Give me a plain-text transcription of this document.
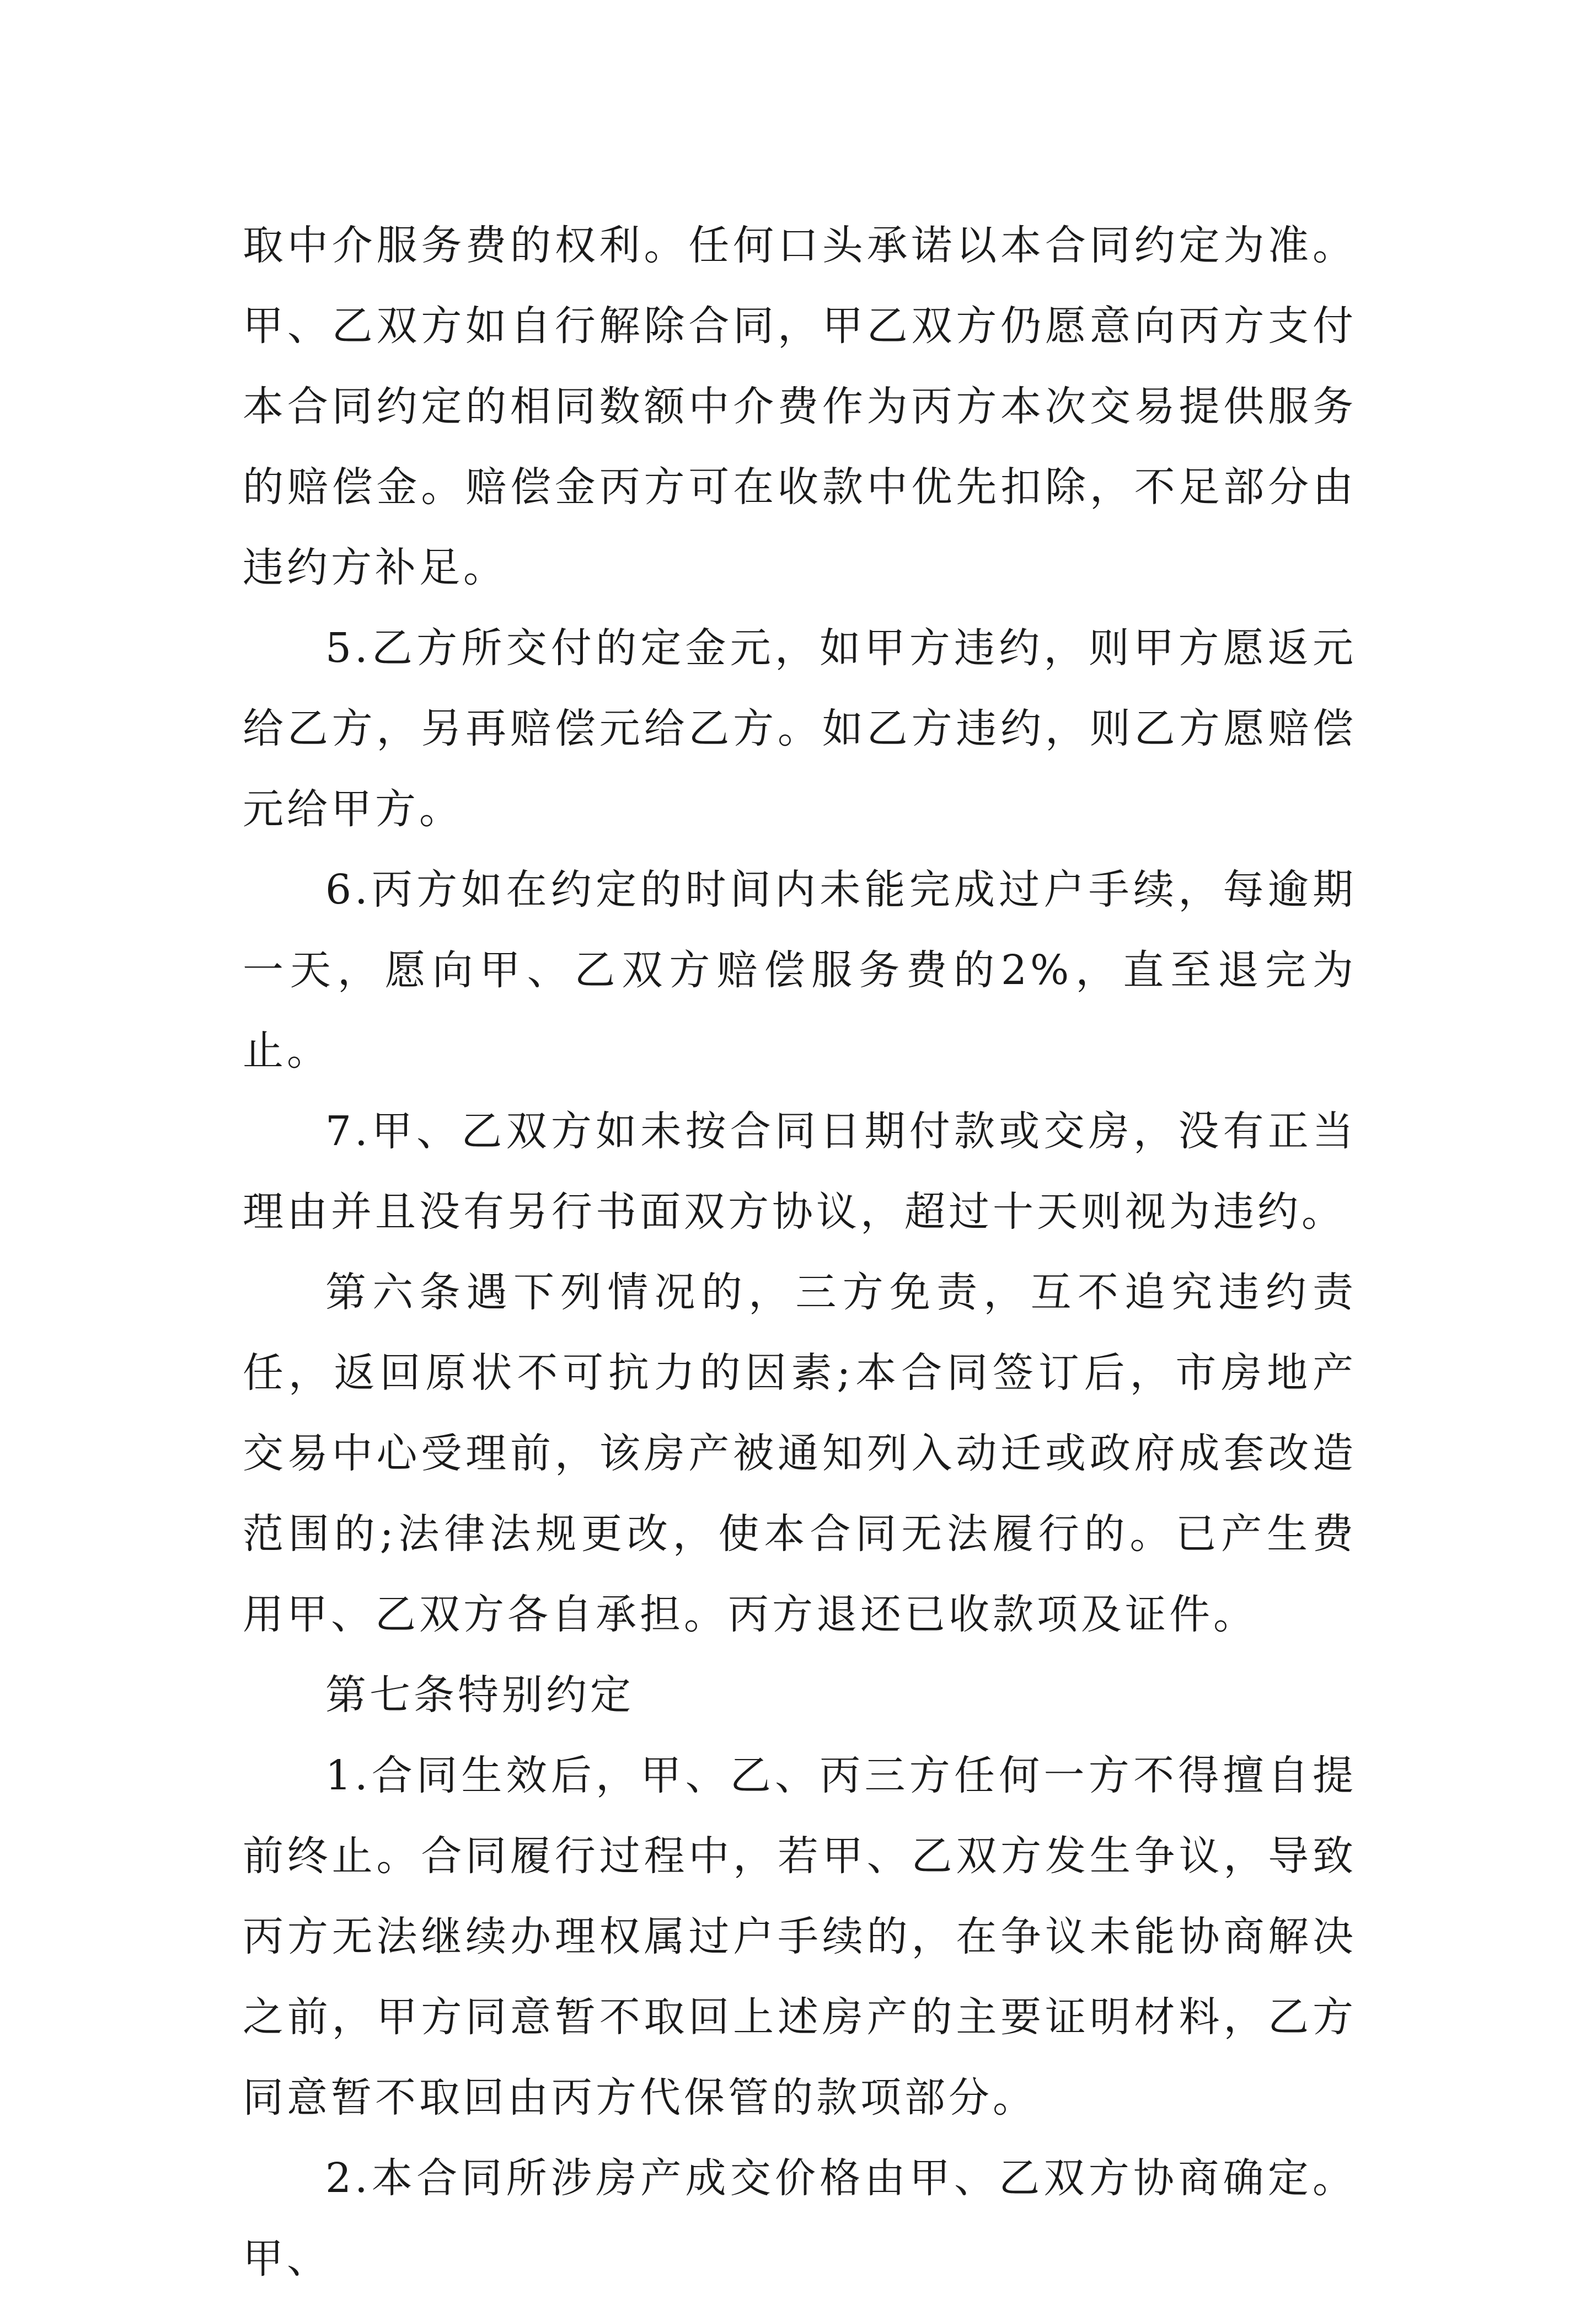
取中介服务费的权利。任何口头承诺以本合同约定为准。甲、乙双方如自行解除合同，甲乙双方仍愿意向丙方支付本合同约定的相同数额中介费作为丙方本次交易提供服务的赔偿金。赔偿金丙方可在收款中优先扣除，不足部分由违约方补足。

5.乙方所交付的定金元，如甲方违约，则甲方愿返元给乙方，另再赔偿元给乙方。如乙方违约，则乙方愿赔偿元给甲方。

6.丙方如在约定的时间内未能完成过户手续，每逾期一天，愿向甲、乙双方赔偿服务费的2%，直至退完为止。

7.甲、乙双方如未按合同日期付款或交房，没有正当理由并且没有另行书面双方协议，超过十天则视为违约。

第六条遇下列情况的，三方免责，互不追究违约责任，返回原状不可抗力的因素;本合同签订后，市房地产交易中心受理前，该房产被通知列入动迁或政府成套改造范围的;法律法规更改，使本合同无法履行的。已产生费用甲、乙双方各自承担。丙方退还已收款项及证件。

第七条特别约定

1.合同生效后，甲、乙、丙三方任何一方不得擅自提前终止。合同履行过程中，若甲、乙双方发生争议，导致丙方无法继续办理权属过户手续的，在争议未能协商解决之前，甲方同意暂不取回上述房产的主要证明材料，乙方同意暂不取回由丙方代保管的款项部分。

2.本合同所涉房产成交价格由甲、乙双方协商确定。甲、
